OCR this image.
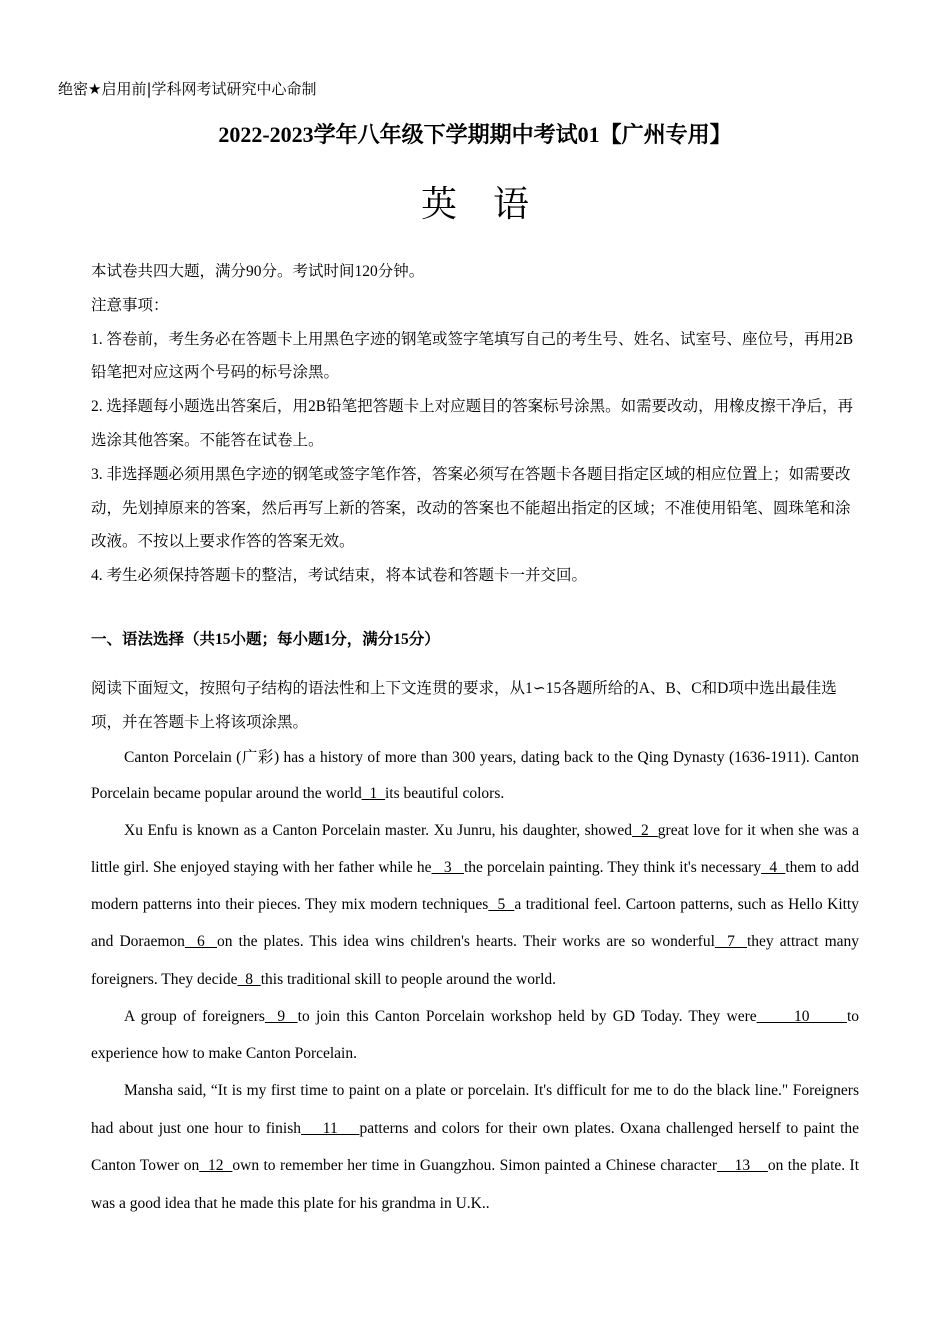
绝密★启用前|学科网考试研究中心命制
2022-2023学年八年级下学期期中考试01【广州专用】
英语

本试卷共四大题，满分90分。考试时间120分钟。

注意事项：

1. 答卷前，考生务必在答题卡上用黑色字迹的钢笔或签字笔填写自己的考生号、姓名、试室号、座位号，再用2B铅笔把对应这两个号码的标号涂黑。

2. 选择题每小题选出答案后，用2B铅笔把答题卡上对应题目的答案标号涂黑。如需要改动，用橡皮擦干净后，再选涂其他答案。不能答在试卷上。

3. 非选择题必须用黑色字迹的钢笔或签字笔作答，答案必须写在答题卡各题目指定区域的相应位置上；如需要改动，先划掉原来的答案，然后再写上新的答案，改动的答案也不能超出指定的区域；不准使用铅笔、圆珠笔和涂改液。不按以上要求作答的答案无效。

4. 考生必须保持答题卡的整洁，考试结束，将本试卷和答题卡一并交回。

一、语法选择（共15小题；每小题1分，满分15分）

阅读下面短文，按照句子结构的语法性和上下文连贯的要求，从1∽15各题所给的A、B、C和D项中选出最佳选项，并在答题卡上将该项涂黑。

Canton Porcelain (广彩) has a history of more than 300 years, dating back to the Qing Dynasty (1636-1911). Canton Porcelain became popular around the world_1_its beautiful colors.

Xu Enfu is known as a Canton Porcelain master. Xu Junru, his daughter, showed  2  great love for it when she was a little girl. She enjoyed staying with her father while he   3   the porcelain painting. They think it's necessary  4  them to add modern patterns into their pieces. They mix modern techniques  5  a traditional feel. Cartoon patterns, such as Hello Kitty and Doraemon  6  on the plates. This idea wins children's hearts. Their works are so wonderful  7  they attract many foreigners. They decide  8  this traditional skill to people around the world.

A group of foreigners  9  to join this Canton Porcelain workshop held by GD Today. They were      10      to experience how to make Canton Porcelain.

Mansha said, “It is my first time to paint on a plate or porcelain. It's difficult for me to do the black line." Foreigners had about just one hour to finish    11    patterns and colors for their own plates. Oxana challenged herself to paint the Canton Tower on  12  own to remember her time in Guangzhou. Simon painted a Chinese character    13    on the plate. It was a good idea that he made this plate for his grandma in U.K..
